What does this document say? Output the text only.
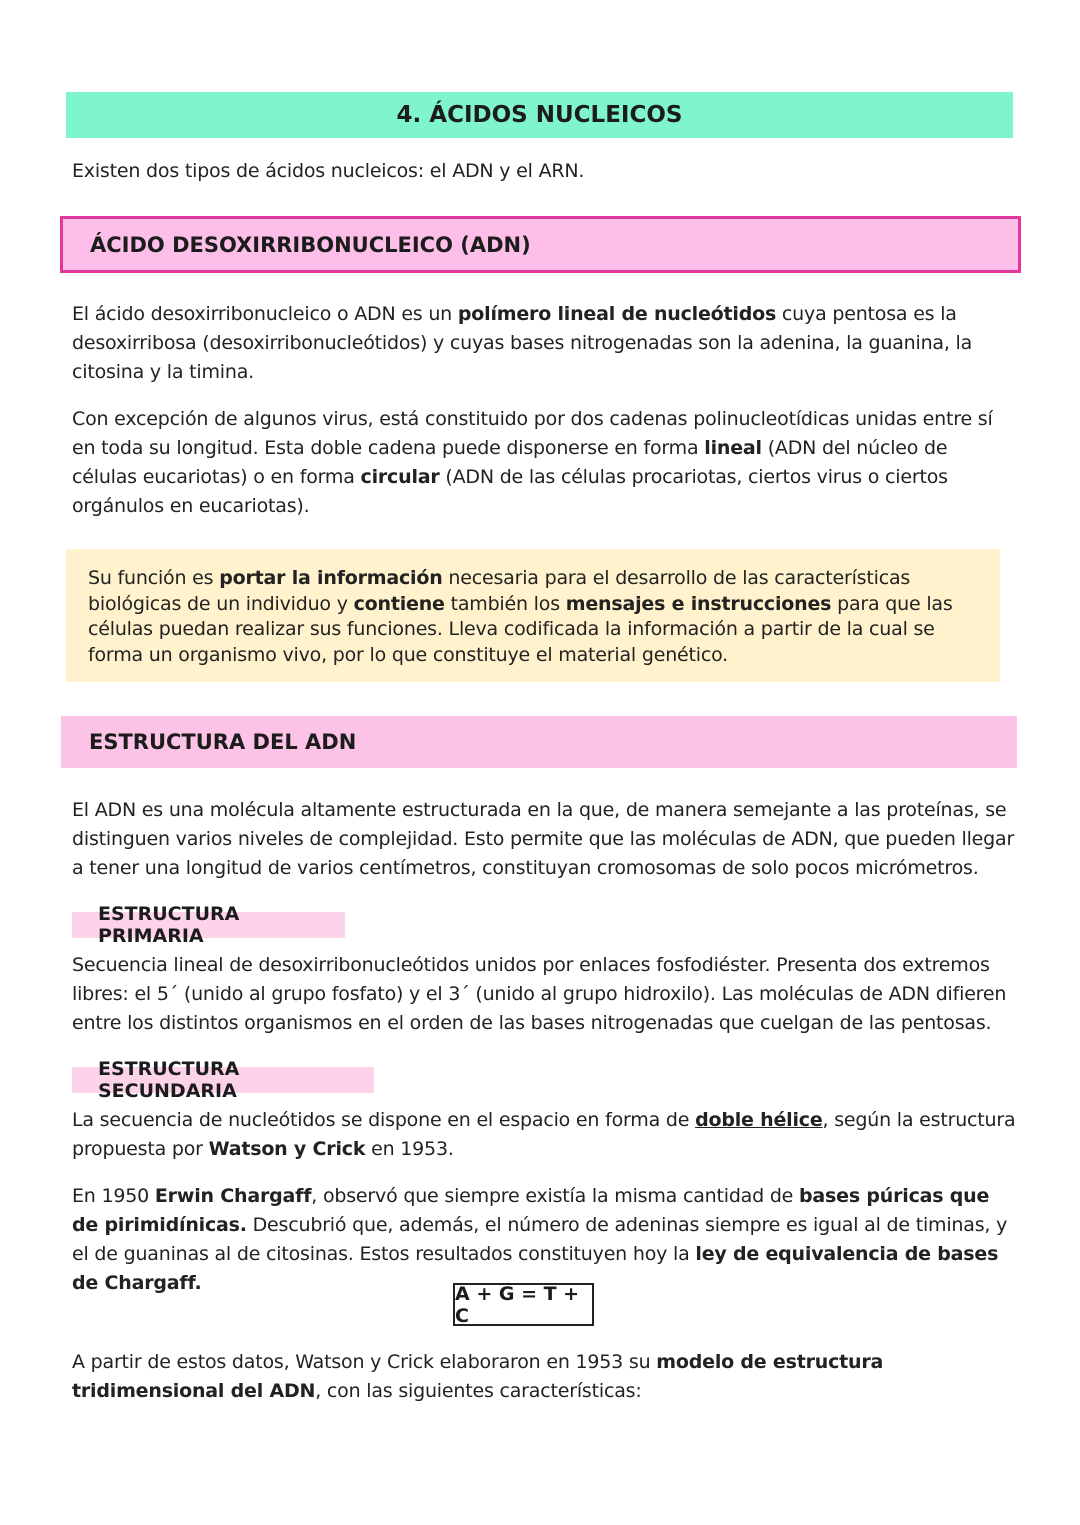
4. ÁCIDOS NUCLEICOS

Existen dos tipos de ácidos nucleicos: el ADN y el ARN.

ÁCIDO DESOXIRRIBONUCLEICO (ADN)

El ácido desoxirribonucleico o ADN es un polímero lineal de nucleótidos cuya pentosa es la desoxirribosa (desoxirribonucleótidos) y cuyas bases nitrogenadas son la adenina, la guanina, la citosina y la timina.

Con excepción de algunos virus, está constituido por dos cadenas polinucleotídicas unidas entre sí en toda su longitud. Esta doble cadena puede disponerse en forma lineal (ADN del núcleo de células eucariotas) o en forma circular (ADN de las células procariotas, ciertos virus o ciertos orgánulos en eucariotas).

Su función es portar la información necesaria para el desarrollo de las características biológicas de un individuo y contiene también los mensajes e instrucciones para que las células puedan realizar sus funciones. Lleva codificada la información a partir de la cual se forma un organismo vivo, por lo que constituye el material genético.

ESTRUCTURA DEL ADN

El ADN es una molécula altamente estructurada en la que, de manera semejante a las proteínas, se distinguen varios niveles de complejidad. Esto permite que las moléculas de ADN, que pueden llegar a tener una longitud de varios centímetros, constituyan cromosomas de solo pocos micrómetros.

ESTRUCTURA PRIMARIA

Secuencia lineal de desoxirribonucleótidos unidos por enlaces fosfodiéster. Presenta dos extremos libres: el 5´ (unido al grupo fosfato) y el 3´ (unido al grupo hidroxilo). Las moléculas de ADN difieren entre los distintos organismos en el orden de las bases nitrogenadas que cuelgan de las pentosas.

ESTRUCTURA SECUNDARIA

La secuencia de nucleótidos se dispone en el espacio en forma de doble hélice, según la estructura propuesta por Watson y Crick en 1953.

En 1950 Erwin Chargaff, observó que siempre existía la misma cantidad de bases púricas que de pirimidínicas. Descubrió que, además, el número de adeninas siempre es igual al de timinas, y el de guaninas al de citosinas. Estos resultados constituyen hoy la ley de equivalencia de bases de Chargaff.	A + G = T + C

A partir de estos datos, Watson y Crick elaboraron en 1953 su modelo de estructura tridimensional del ADN, con las siguientes características:
